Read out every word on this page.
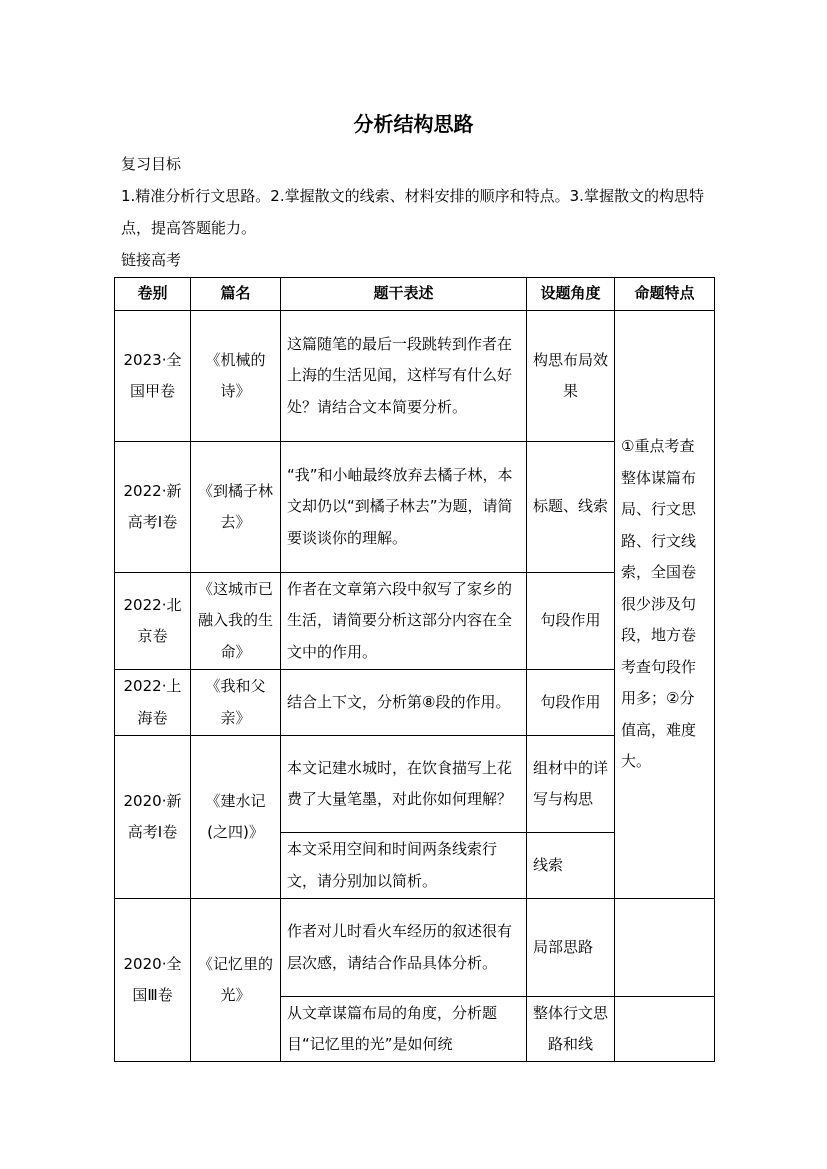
分析结构思路
复习目标
1.精准分析行文思路。2.掌握散文的线索、材料安排的顺序和特点。3.掌握散文的构思特点，提高答题能力。
链接高考
卷别	篇名	题干表述	设题角度	命题特点
2023·全国甲卷	《机械的诗》	这篇随笔的最后一段跳转到作者在上海的生活见闻，这样写有什么好处？请结合文本简要分析。	构思布局效果	①重点考查整体谋篇布局、行文思路、行文线索，全国卷很少涉及句段，地方卷考查句段作用多；②分值高，难度大。
2022·新高考Ⅰ卷	《到橘子林去》	“我”和小岫最终放弃去橘子林，本文却仍以“到橘子林去”为题，请简要谈谈你的理解。	标题、线索	
2022·北京卷	《这城市已融入我的生命》	作者在文章第六段中叙写了家乡的生活，请简要分析这部分内容在全文中的作用。	句段作用	
2022·上海卷	《我和父亲》	结合上下文，分析第⑧段的作用。	句段作用	
2020·新高考Ⅰ卷	《建水记(之四)》	本文记建水城时，在饮食描写上花费了大量笔墨，对此你如何理解？	组材中的详写与构思	
		本文采用空间和时间两条线索行文，请分别加以简析。	线索	
2020·全国Ⅲ卷	《记忆里的光》	作者对儿时看火车经历的叙述很有层次感，请结合作品具体分析。	局部思路	
		从文章谋篇布局的角度，分析题目“记忆里的光”是如何统	整体行文思路和线	
